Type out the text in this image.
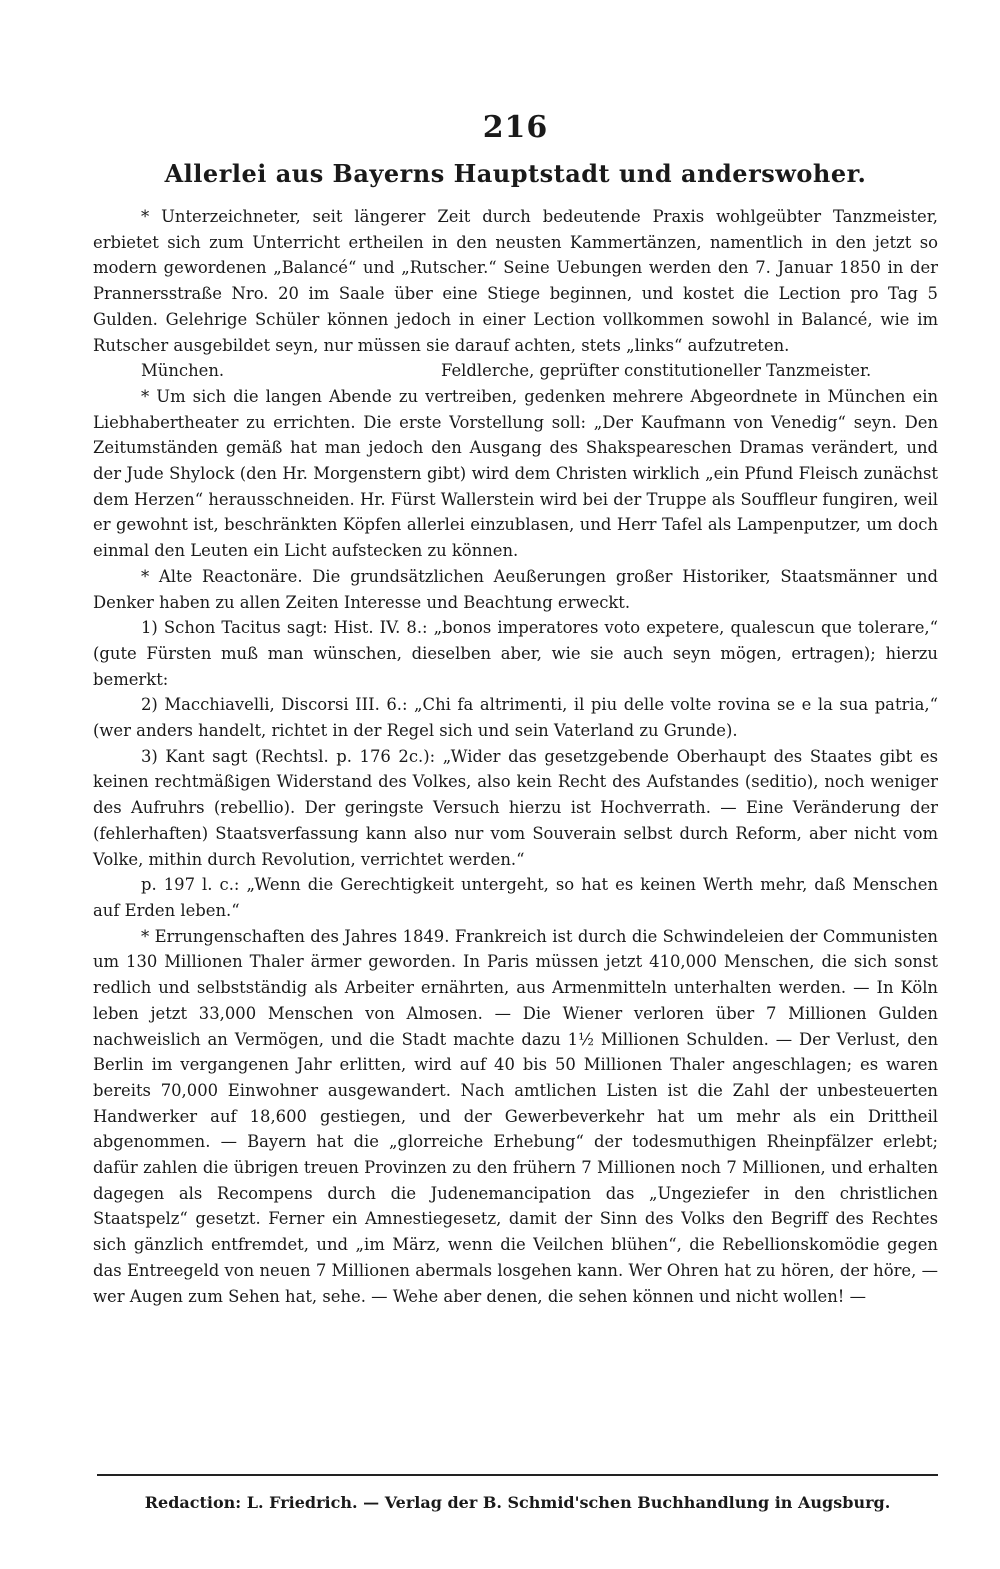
216
Allerlei aus Bayerns Hauptstadt und anderswoher.

* Unterzeichneter, seit längerer Zeit durch bedeutende Praxis wohlgeübter Tanzmeister, erbietet sich zum Unterricht ertheilen in den neusten Kammertänzen, namentlich in den jetzt so modern gewordenen „Balancé“ und „Rutscher.“ Seine Uebungen werden den 7. Januar 1850 in der Prannersstraße Nro. 20 im Saale über eine Stiege beginnen, und kostet die Lection pro Tag 5 Gulden. Gelehrige Schüler können jedoch in einer Lection vollkommen sowohl in Balancé, wie im Rutscher ausgebildet seyn, nur müssen sie darauf achten, stets „links“ aufzutreten.

München.	Feldlerche, geprüfter constitutioneller Tanzmeister.

* Um sich die langen Abende zu vertreiben, gedenken mehrere Abgeordnete in München ein Liebhabertheater zu errichten. Die erste Vorstellung soll: „Der Kaufmann von Venedig“ seyn. Den Zeitumständen gemäß hat man jedoch den Ausgang des Shakspeareschen Dramas verändert, und der Jude Shylock (den Hr. Morgenstern gibt) wird dem Christen wirklich „ein Pfund Fleisch zunächst dem Herzen“ herausschneiden. Hr. Fürst Wallerstein wird bei der Truppe als Souffleur fungiren, weil er gewohnt ist, beschränkten Köpfen allerlei einzublasen, und Herr Tafel als Lampenputzer, um doch einmal den Leuten ein Licht aufstecken zu können.

* Alte Reactonäre. Die grundsätzlichen Aeußerungen großer Historiker, Staatsmänner und Denker haben zu allen Zeiten Interesse und Beachtung erweckt.

1) Schon Tacitus sagt: Hist. IV. 8.: „bonos imperatores voto expetere, qualescun que tolerare,“ (gute Fürsten muß man wünschen, dieselben aber, wie sie auch seyn mögen, ertragen); hierzu bemerkt:

2) Macchiavelli, Discorsi III. 6.: „Chi fa altrimenti, il piu delle volte rovina se e la sua patria,“ (wer anders handelt, richtet in der Regel sich und sein Vaterland zu Grunde).

3) Kant sagt (Rechtsl. p. 176 2c.): „Wider das gesetzgebende Oberhaupt des Staates gibt es keinen rechtmäßigen Widerstand des Volkes, also kein Recht des Aufstandes (seditio), noch weniger des Aufruhrs (rebellio). Der geringste Versuch hierzu ist Hochverrath. — Eine Veränderung der (fehlerhaften) Staatsverfassung kann also nur vom Souverain selbst durch Reform, aber nicht vom Volke, mithin durch Revolution, verrichtet werden.“

p. 197 l. c.: „Wenn die Gerechtigkeit untergeht, so hat es keinen Werth mehr, daß Menschen auf Erden leben.“

* Errungenschaften des Jahres 1849. Frankreich ist durch die Schwindeleien der Communisten um 130 Millionen Thaler ärmer geworden. In Paris müssen jetzt 410,000 Menschen, die sich sonst redlich und selbstständig als Arbeiter ernährten, aus Armenmitteln unterhalten werden. — In Köln leben jetzt 33,000 Menschen von Almosen. — Die Wiener verloren über 7 Millionen Gulden nachweislich an Vermögen, und die Stadt machte dazu 1½ Millionen Schulden. — Der Verlust, den Berlin im vergangenen Jahr erlitten, wird auf 40 bis 50 Millionen Thaler angeschlagen; es waren bereits 70,000 Einwohner ausgewandert. Nach amtlichen Listen ist die Zahl der unbesteuerten Handwerker auf 18,600 gestiegen, und der Gewerbeverkehr hat um mehr als ein Drittheil abgenommen. — Bayern hat die „glorreiche Erhebung“ der todesmuthigen Rheinpfälzer erlebt; dafür zahlen die übrigen treuen Provinzen zu den frühern 7 Millionen noch 7 Millionen, und erhalten dagegen als Recompens durch die Judenemancipation das „Ungeziefer in den christlichen Staatspelz“ gesetzt. Ferner ein Amnestiegesetz, damit der Sinn des Volks den Begriff des Rechtes sich gänzlich entfremdet, und „im März, wenn die Veilchen blühen“, die Rebellionskomödie gegen das Entreegeld von neuen 7 Millionen abermals losgehen kann. Wer Ohren hat zu hören, der höre, — wer Augen zum Sehen hat, sehe. — Wehe aber denen, die sehen können und nicht wollen! —

Redaction: L. Friedrich. — Verlag der B. Schmid'schen Buchhandlung in Augsburg.
